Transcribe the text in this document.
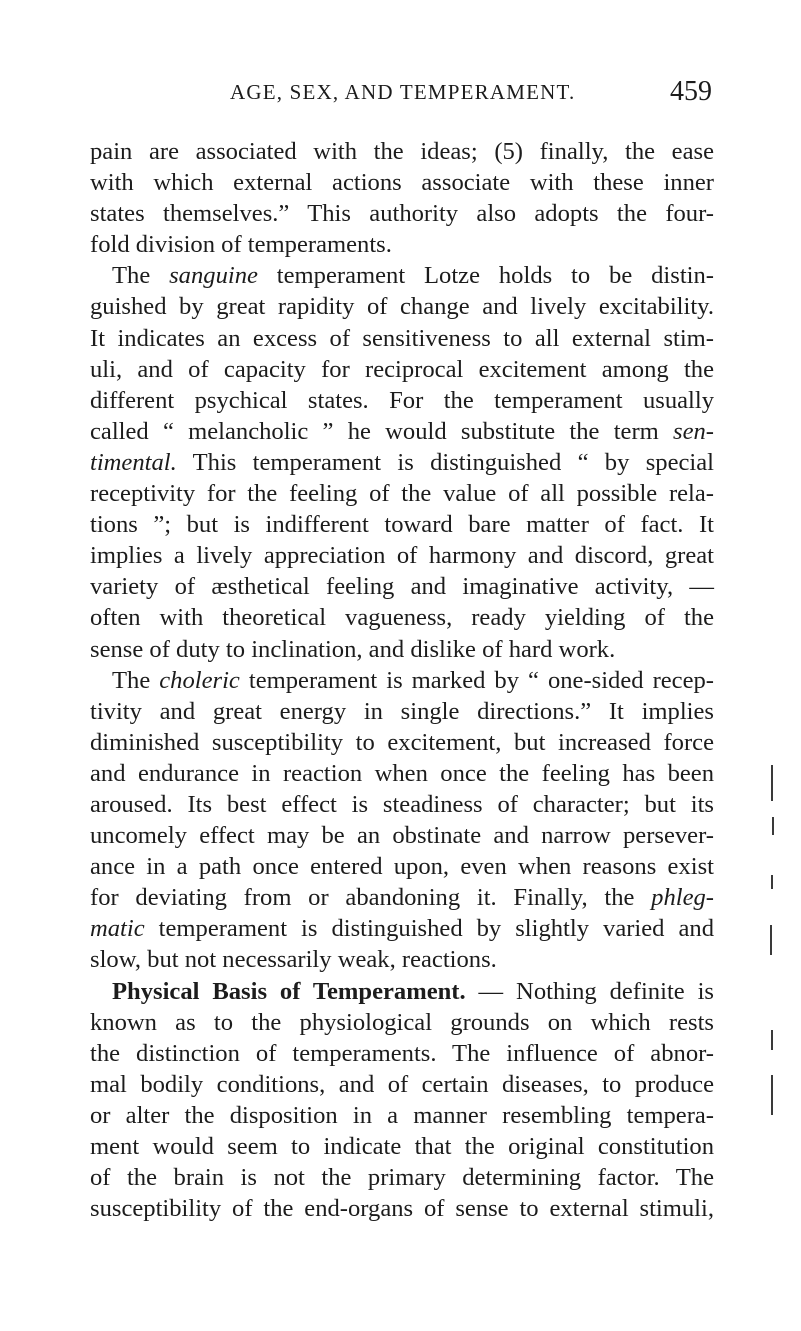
AGE, SEX, AND TEMPERAMENT.	459
pain are associated with the ideas; (5) finally, the ease
with which external actions associate with these inner
states themselves.” This authority also adopts the four-
fold division of temperaments.
The sanguine temperament Lotze holds to be distin-
guished by great rapidity of change and lively excitability.
It indicates an excess of sensitiveness to all external stim-
uli, and of capacity for reciprocal excitement among the
different psychical states. For the temperament usually
called “ melancholic ” he would substitute the term sen-
timental. This temperament is distinguished “ by special
receptivity for the feeling of the value of all possible rela-
tions ”; but is indifferent toward bare matter of fact. It
implies a lively appreciation of harmony and discord, great
variety of æsthetical feeling and imaginative activity, —
often with theoretical vagueness, ready yielding of the
sense of duty to inclination, and dislike of hard work.
The choleric temperament is marked by “ one-sided recep-
tivity and great energy in single directions.” It implies
diminished susceptibility to excitement, but increased force
and endurance in reaction when once the feeling has been
aroused. Its best effect is steadiness of character; but its
uncomely effect may be an obstinate and narrow persever-
ance in a path once entered upon, even when reasons exist
for deviating from or abandoning it. Finally, the phleg-
matic temperament is distinguished by slightly varied and
slow, but not necessarily weak, reactions.
Physical Basis of Temperament. — Nothing definite is
known as to the physiological grounds on which rests
the distinction of temperaments. The influence of abnor-
mal bodily conditions, and of certain diseases, to produce
or alter the disposition in a manner resembling tempera-
ment would seem to indicate that the original constitution
of the brain is not the primary determining factor. The
susceptibility of the end-organs of sense to external stimuli,
